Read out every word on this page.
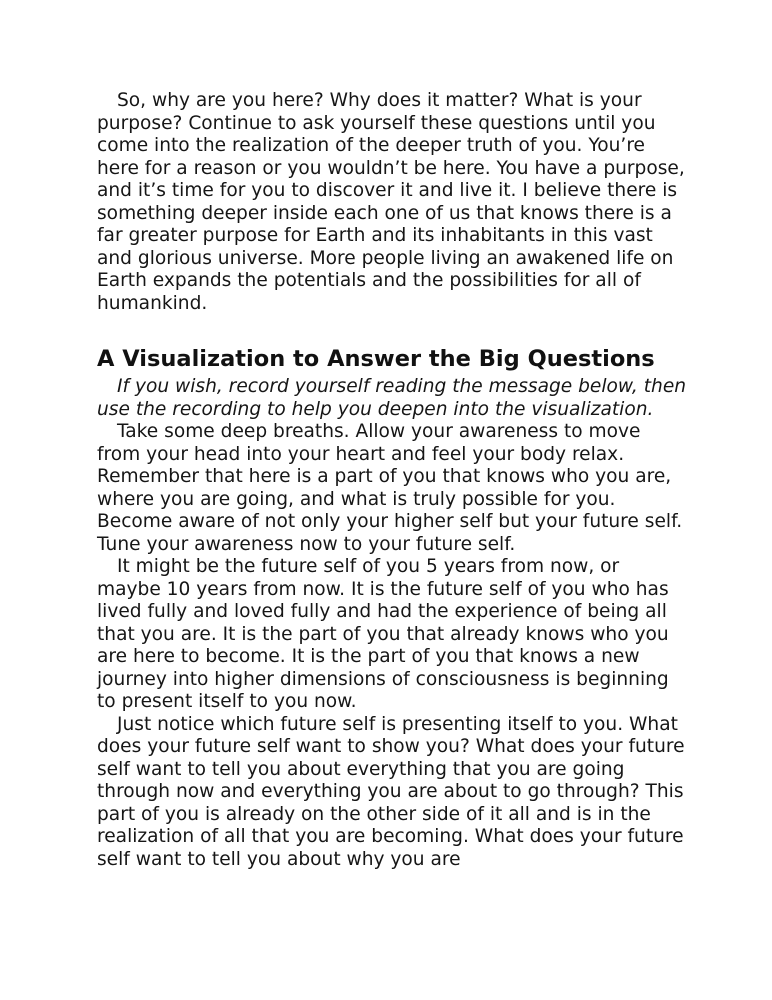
So, why are you here? Why does it matter? What is your purpose? Continue to ask yourself these questions until you come into the realization of the deeper truth of you. You’re here for a reason or you wouldn’t be here. You have a purpose, and it’s time for you to discover it and live it. I believe there is something deeper inside each one of us that knows there is a far greater purpose for Earth and its inhabitants in this vast and glorious universe. More people living an awakened life on Earth expands the potentials and the possibilities for all of humankind.

A Visualization to Answer the Big Questions

If you wish, record yourself reading the message below, then use the recording to help you deepen into the visualization.

Take some deep breaths. Allow your awareness to move from your head into your heart and feel your body relax. Remember that here is a part of you that knows who you are, where you are going, and what is truly possible for you. Become aware of not only your higher self but your future self. Tune your awareness now to your future self.

It might be the future self of you 5 years from now, or maybe 10 years from now. It is the future self of you who has lived fully and loved fully and had the experience of being all that you are. It is the part of you that already knows who you are here to become. It is the part of you that knows a new journey into higher dimensions of consciousness is beginning to present itself to you now.

Just notice which future self is presenting itself to you. What does your future self want to show you? What does your future self want to tell you about everything that you are going through now and everything you are about to go through? This part of you is already on the other side of it all and is in the realization of all that you are becoming. What does your future self want to tell you about why you are
